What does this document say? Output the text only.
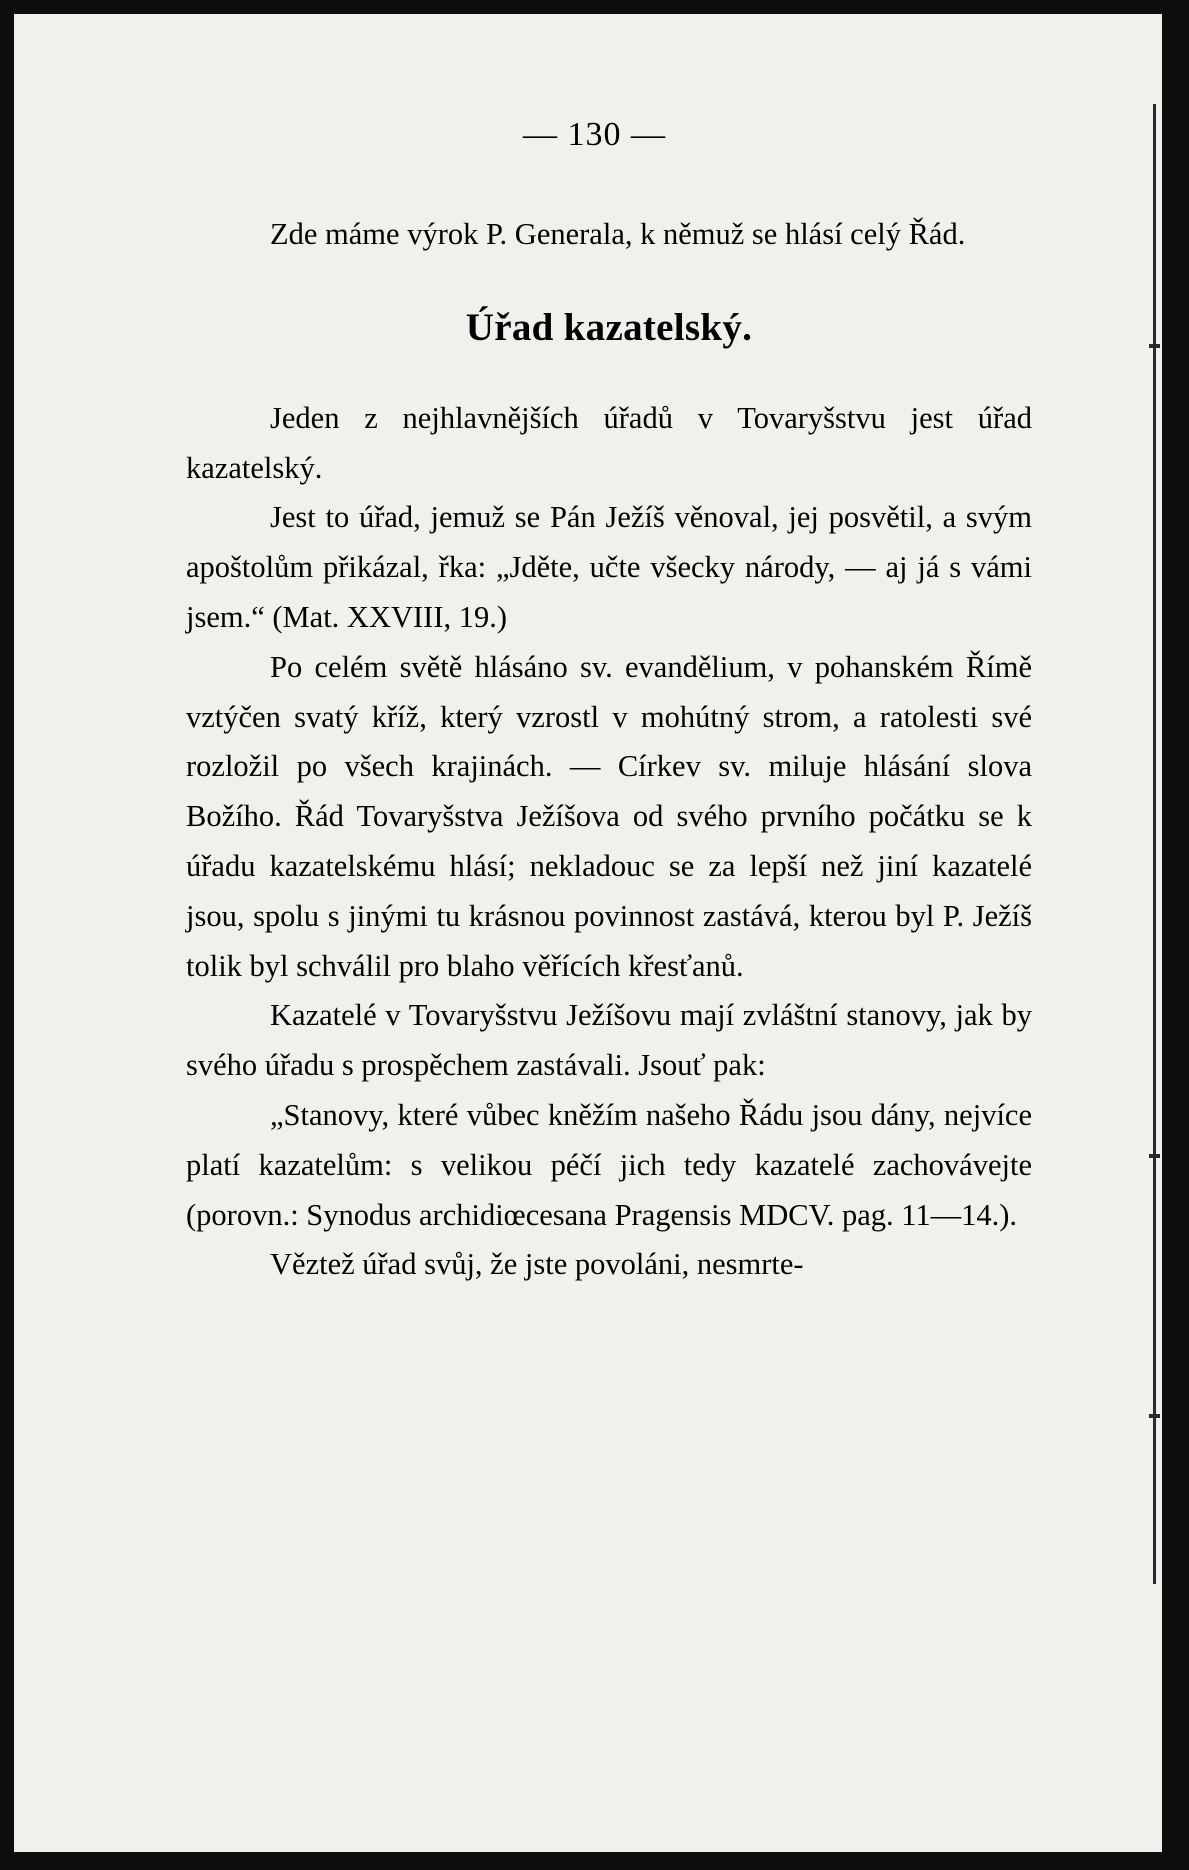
— 130 —

Zde máme výrok P. Generala, k němuž se hlásí celý Řád.

Úřad kazatelský.

Jeden z nejhlavnějších úřadů v Tovaryšstvu jest úřad kazatelský.

Jest to úřad, jemuž se Pán Ježíš věnoval, jej posvětil, a svým apoštolům přikázal, řka: „Jděte, učte všecky národy, — aj já s vámi jsem.“ (Mat. XXVIII, 19.)

Po celém světě hlásáno sv. evandělium, v pohanském Římě vztýčen svatý kříž, který vzrostl v mohútný strom, a ratolesti své rozložil po všech krajinách. — Církev sv. miluje hlásání slova Božího. Řád Tovaryšstva Ježíšova od svého prvního počátku se k úřadu kazatelskému hlásí; nekladouc se za lepší než jiní kazatelé jsou, spolu s jinými tu krásnou povinnost zastává, kterou byl P. Ježíš tolik byl schválil pro blaho věřících křesťanů.

Kazatelé v Tovaryšstvu Ježíšovu mají zvláštní stanovy, jak by svého úřadu s prospěchem zastávali. Jsouť pak:

„Stanovy, které vůbec kněžím našeho Řádu jsou dány, nejvíce platí kazatelům: s velikou péčí jich tedy kazatelé zachovávejte (porovn.: Synodus archidiœcesana Pragensis MDCV. pag. 11—14.).

Věztež úřad svůj, že jste povoláni, nesmrte-
